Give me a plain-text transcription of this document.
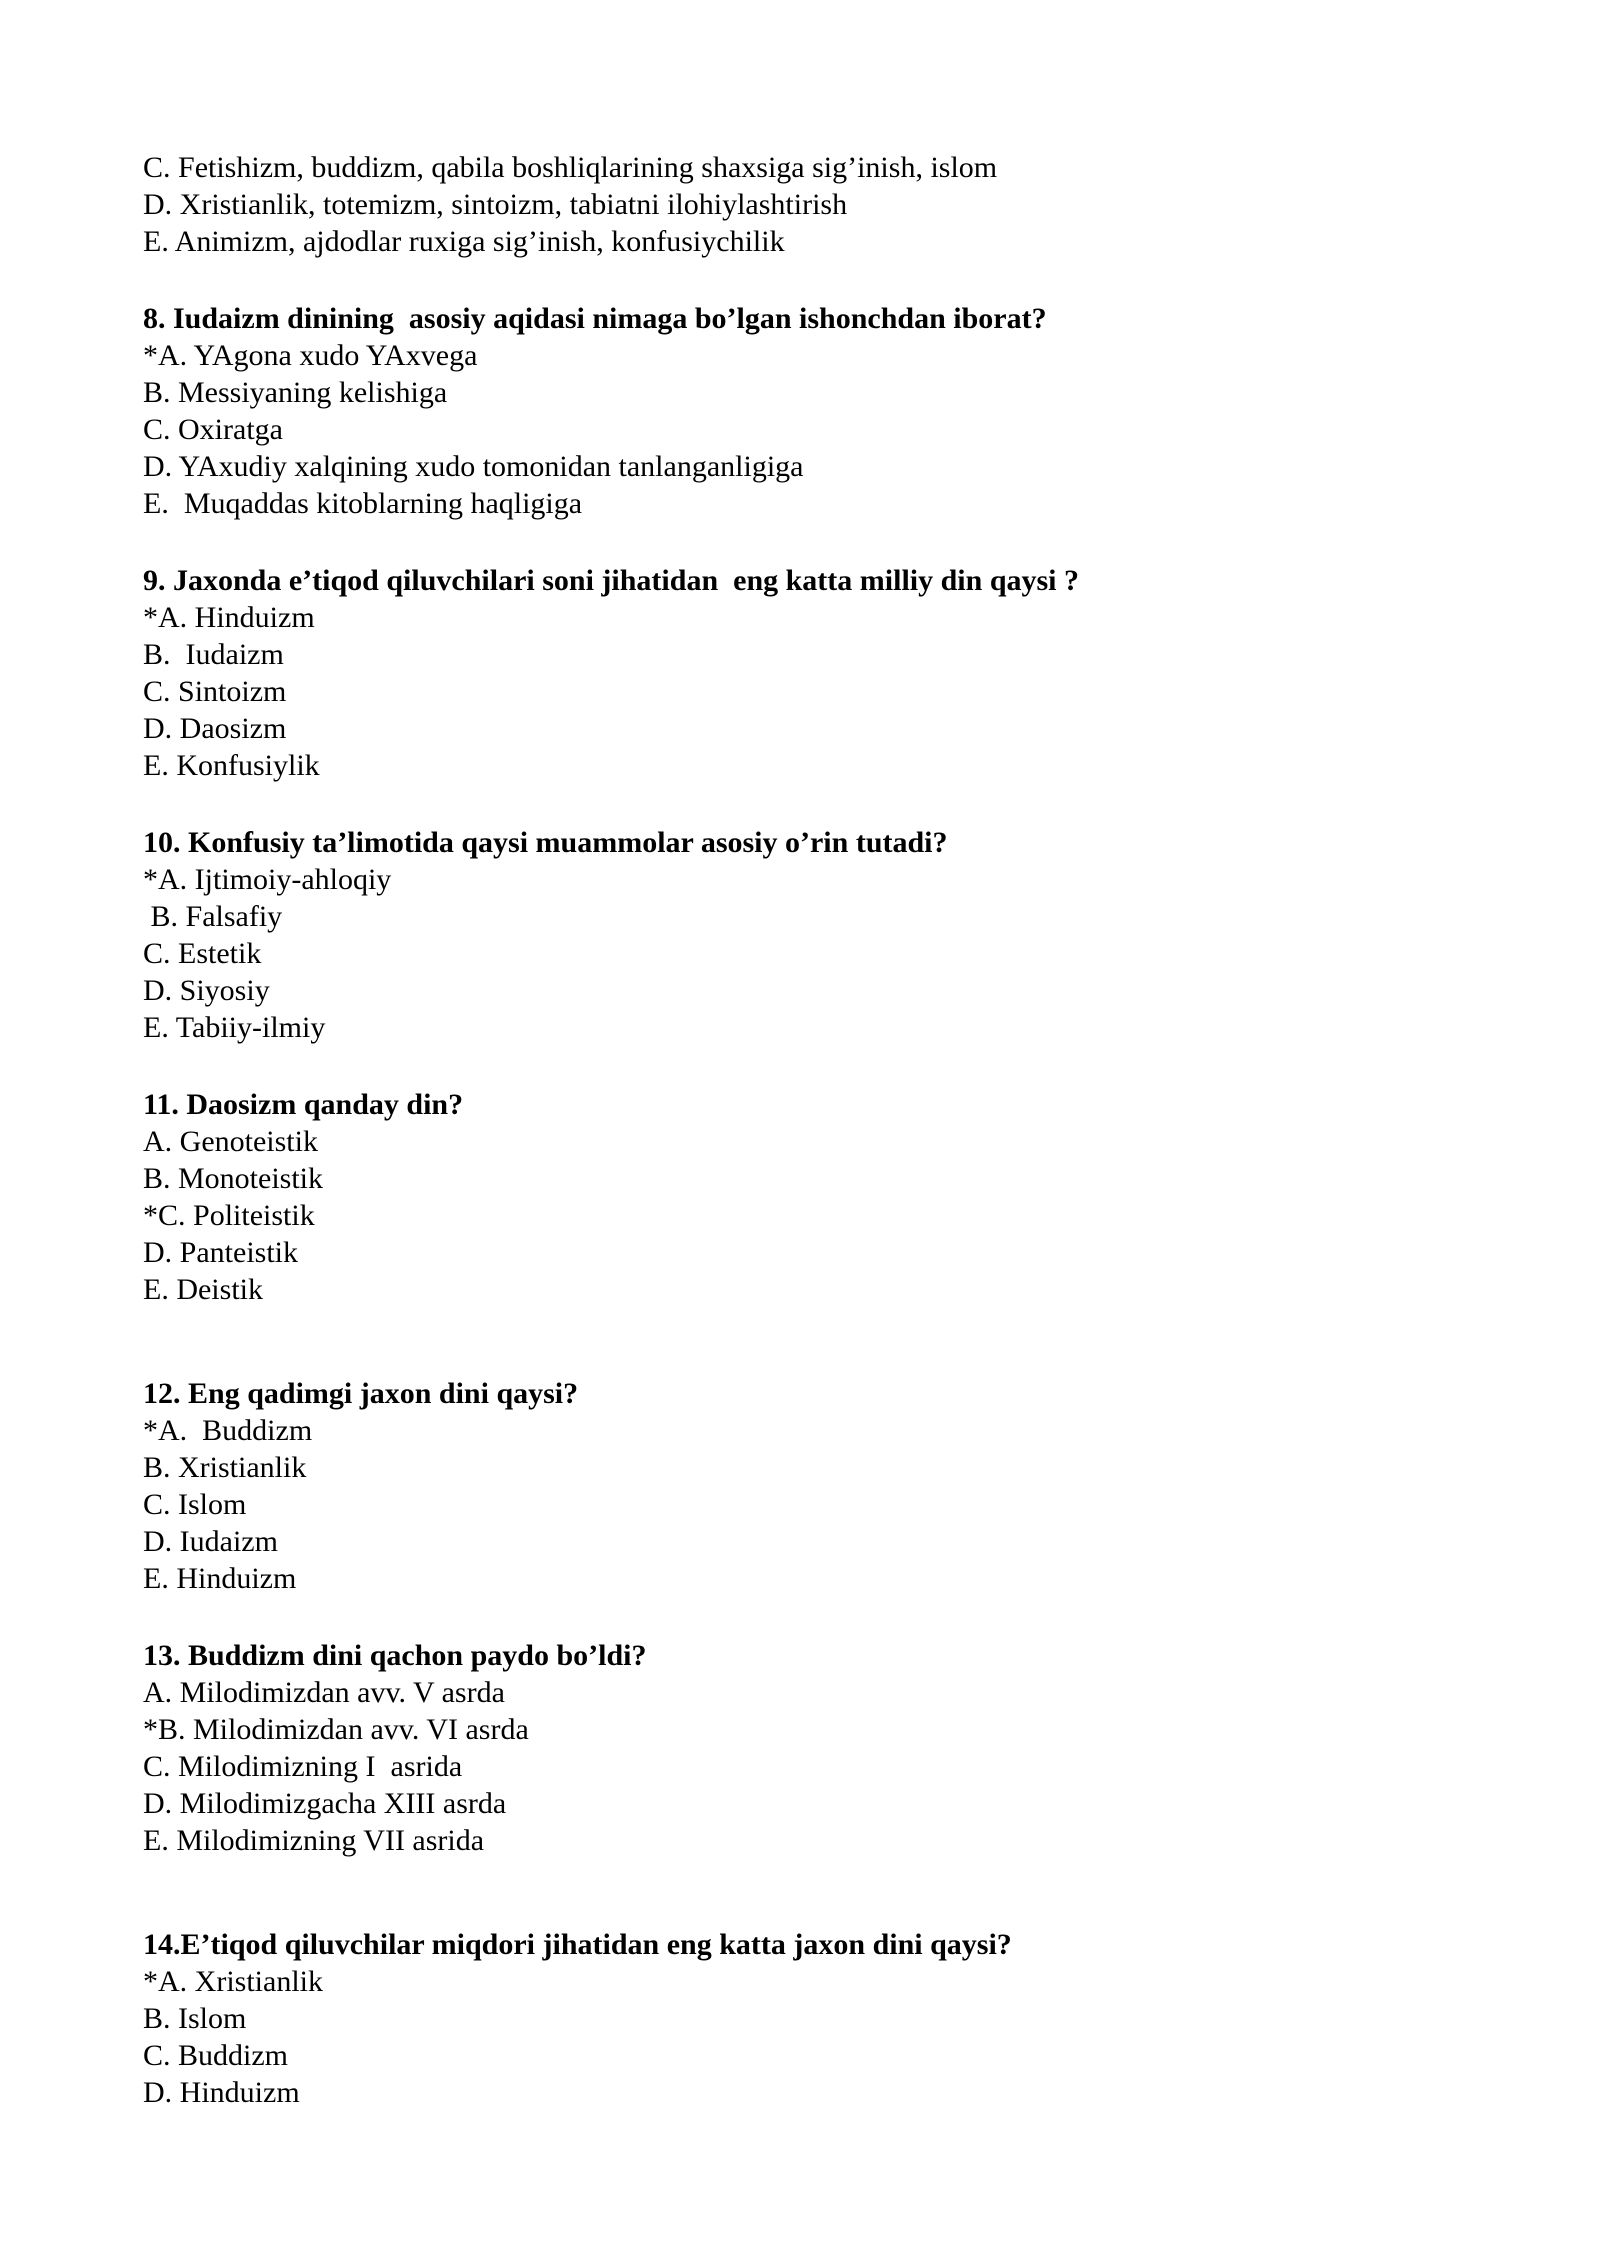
C. Fetishizm, buddizm, qabila boshliqlarining shaxsiga sig’inish, islom

D. Xristianlik, totemizm, sintoizm, tabiatni ilohiylashtirish

E. Animizm, ajdodlar ruxiga sig’inish, konfusiychilik

8. Iudaizm dinining  asosiy aqidasi nimaga bo’lgan ishonchdan iborat?

*A. YAgona xudo YAxvega

B. Messiyaning kelishiga

C. Oxiratga

D. YAxudiy xalqining xudo tomonidan tanlanganligiga

E.  Muqaddas kitoblarning haqligiga

9. Jaxonda e’tiqod qiluvchilari soni jihatidan  eng katta milliy din qaysi ?

*A. Hinduizm

B.  Iudaizm

C. Sintoizm

D. Daosizm

E. Konfusiylik

10. Konfusiy ta’limotida qaysi muammolar asosiy o’rin tutadi?

*A. Ijtimoiy-ahloqiy

B. Falsafiy

C. Estetik

D. Siyosiy

E. Tabiiy-ilmiy

11. Daosizm qanday din?

A. Genoteistik

B. Monoteistik

*C. Politeistik

D. Panteistik

E. Deistik

12. Eng qadimgi jaxon dini qaysi?

*A.  Buddizm

B. Xristianlik

C. Islom

D. Iudaizm

E. Hinduizm

13. Buddizm dini qachon paydo bo’ldi?

A. Milodimizdan avv. V asrda

*B. Milodimizdan avv. VI asrda

C. Milodimizning I  asrida

D. Milodimizgacha XIII asrda

E. Milodimizning VII asrida

14.E’tiqod qiluvchilar miqdori jihatidan eng katta jaxon dini qaysi?

*A. Xristianlik

B. Islom

C. Buddizm

D. Hinduizm
